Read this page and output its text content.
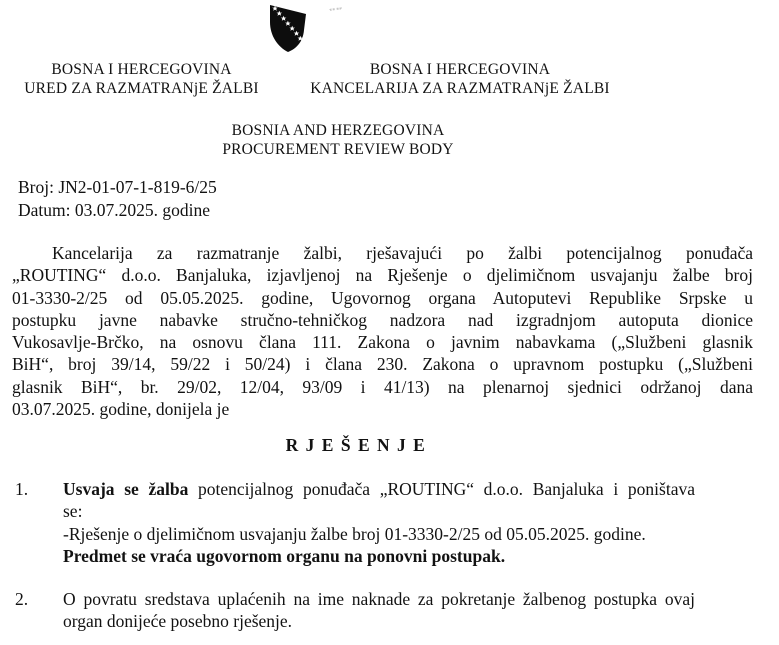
BOSNA I HERCEGOVINA
URED ZA RAZMATRANjE ŽALBI
BOSNA I HERCEGOVINA
KANCELARIJA ZA RAZMATRANjE ŽALBI
BOSNIA AND HERZEGOVINA
PROCUREMENT REVIEW BODY
Broj: JN2-01-07-1-819-6/25
Datum: 03.07.2025. godine
Kancelarija za razmatranje žalbi, rješavajući po žalbi potencijalnog ponuđača
„ROUTING“ d.o.o. Banjaluka, izjavljenoj na Rješenje o djelimičnom usvajanju žalbe broj
01-3330-2/25 od 05.05.2025. godine, Ugovornog organa Autoputevi Republike Srpske u
postupku javne nabavke stručno-tehničkog nadzora nad izgradnjom autoputa dionice
Vukosavlje-Brčko, na osnovu člana 111. Zakona o javnim nabavkama („Službeni glasnik
BiH“, broj 39/14, 59/22 i 50/24) i člana 230. Zakona o upravnom postupku („Službeni
glasnik BiH“, br. 29/02, 12/04, 93/09 i 41/13) na plenarnoj sjednici održanoj dana
03.07.2025. godine, donijela je
R J E Š E N J E
1.	Usvaja se žalba potencijalnog ponuđača „ROUTING“ d.o.o. Banjaluka i poništava
se:
-Rješenje o djelimičnom usvajanju žalbe broj 01-3330-2/25 od 05.05.2025. godine.
Predmet se vraća ugovornom organu na ponovni postupak.
2.	O povratu sredstava uplaćenih na ime naknade za pokretanje žalbenog postupka ovaj
organ donijeće posebno rješenje.
